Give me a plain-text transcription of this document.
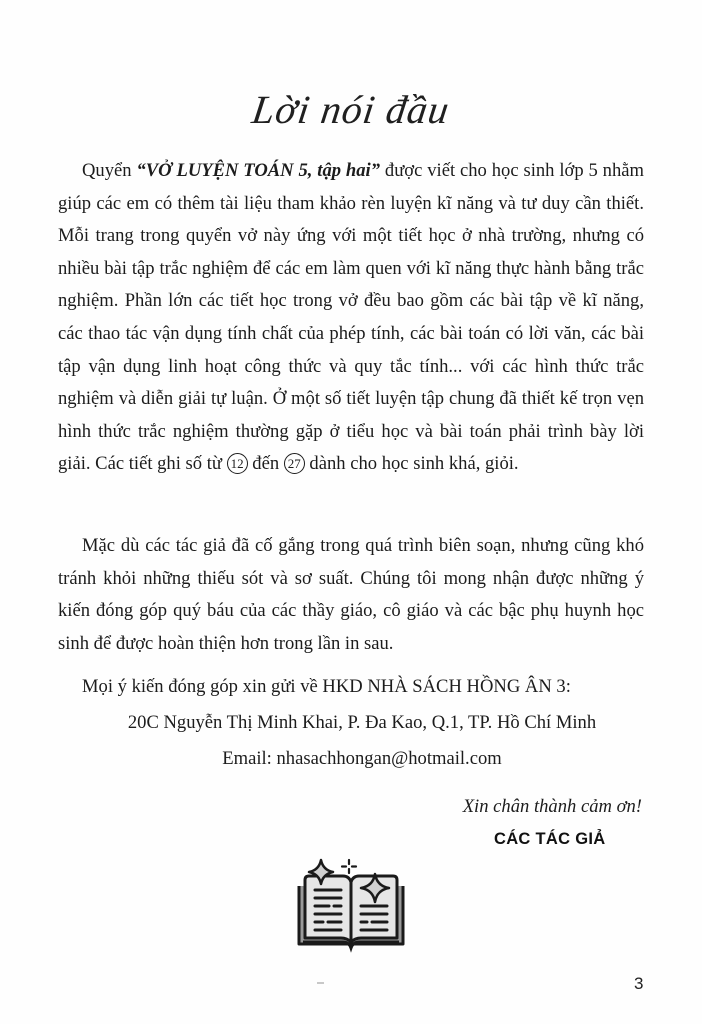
Lời nói đầu

Quyển “VỞ LUYỆN TOÁN 5, tập hai” được viết cho học sinh lớp 5 nhằm giúp các em có thêm tài liệu tham khảo rèn luyện kĩ năng và tư duy cần thiết. Mỗi trang trong quyển vở này ứng với một tiết học ở nhà trường, nhưng có nhiều bài tập trắc nghiệm để các em làm quen với kĩ năng thực hành bằng trắc nghiệm. Phần lớn các tiết học trong vở đều bao gồm các bài tập về kĩ năng, các thao tác vận dụng tính chất của phép tính, các bài toán có lời văn, các bài tập vận dụng linh hoạt công thức và quy tắc tính... với các hình thức trắc nghiệm và diễn giải tự luận. Ở một số tiết luyện tập chung đã thiết kế trọn vẹn hình thức trắc nghiệm thường gặp ở tiểu học và bài toán phải trình bày lời giải. Các tiết ghi số từ 12 đến 27 dành cho học sinh khá, giỏi.

Mặc dù các tác giả đã cố gắng trong quá trình biên soạn, nhưng cũng khó tránh khỏi những thiếu sót và sơ suất. Chúng tôi mong nhận được những ý kiến đóng góp quý báu của các thầy giáo, cô giáo và các bậc phụ huynh học sinh để được hoàn thiện hơn trong lần in sau.

Mọi ý kiến đóng góp xin gửi về HKD NHÀ SÁCH HỒNG ÂN 3:
20C Nguyễn Thị Minh Khai, P. Đa Kao, Q.1, TP. Hồ Chí Minh
Email: nhasachhongan@hotmail.com
Xin chân thành cảm ơn!
CÁC TÁC GIẢ
3
